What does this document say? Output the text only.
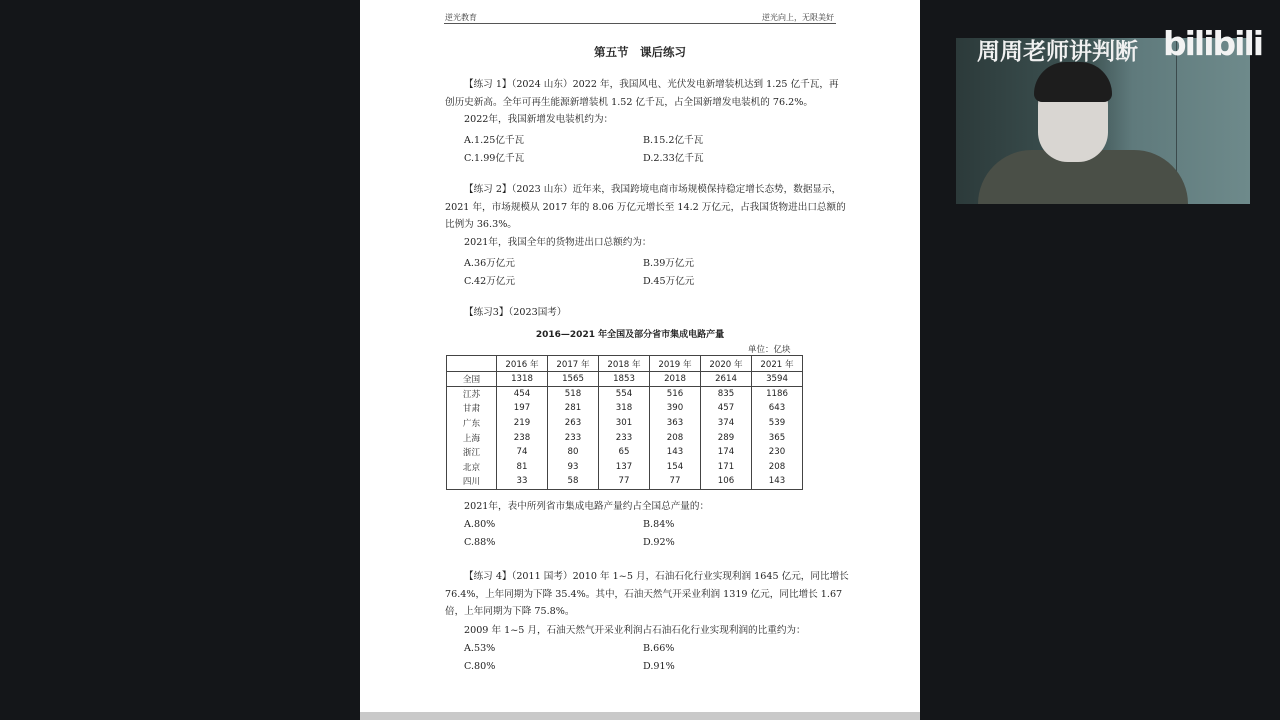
逆光教育	逆光向上，无限美好
第五节　课后练习
【练习 1】（2024 山东）2022 年，我国风电、光伏发电新增装机达到 1.25 亿千瓦，再
创历史新高。全年可再生能源新增装机 1.52 亿千瓦，占全国新增发电装机的 76.2%。
2022年，我国新增发电装机约为：
A.1.25亿千瓦	B.15.2亿千瓦
C.1.99亿千瓦	D.2.33亿千瓦
【练习 2】（2023 山东）近年来，我国跨境电商市场规模保持稳定增长态势，数据显示，
2021 年，市场规模从 2017 年的 8.06 万亿元增长至 14.2 万亿元，占我国货物进出口总额的
比例为 36.3%。
2021年，我国全年的货物进出口总额约为：
A.36万亿元	B.39万亿元
C.42万亿元	D.45万亿元
【练习3】（2023国考）
2021年，表中所列省市集成电路产量约占全国总产量的：
A.80%	B.84%
C.88%	D.92%
【练习 4】（2011 国考）2010 年 1~5 月，石油石化行业实现利润 1645 亿元，同比增长
76.4%，上年同期为下降 35.4%。其中，石油天然气开采业利润 1319 亿元，同比增长 1.67
倍，上年同期为下降 75.8%。
2009 年 1~5 月，石油天然气开采业利润占石油石化行业实现利润的比重约为：
A.53%	B.66%
C.80%	D.91%
2016—2021 年全国及部分省市集成电路产量
单位：亿块
	2016 年	2017 年	2018 年	2019 年	2020 年	2021 年
全国	1318	1565	1853	2018	2614	3594
江苏	454	518	554	516	835	1186
甘肃	197	281	318	390	457	643
广东	219	263	301	363	374	539
上海	238	233	233	208	289	365
浙江	74	80	65	143	174	230
北京	81	93	137	154	171	208
四川	33	58	77	77	106	143
周周老师讲判断 bilibili
